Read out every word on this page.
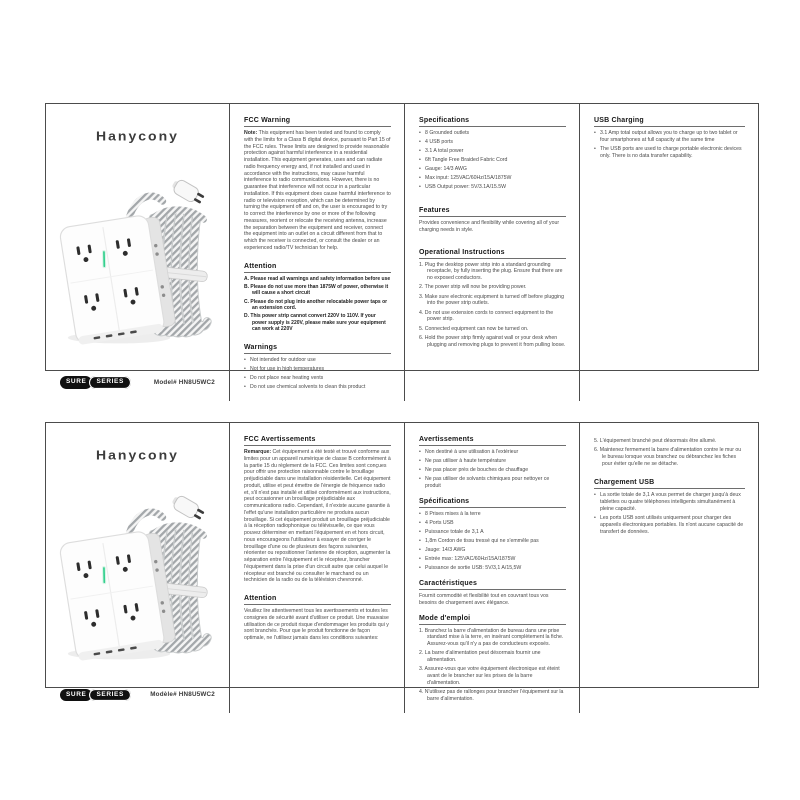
Hanycony
SURE	SERIES	Model# HN8U5WC2
FCC Warning

Note: This equipment has been tested and found to comply with the limits for a Class B digital device, pursuant to Part 15 of the FCC rules. These limits are designed to provide reasonable protection against harmful interference in a residential installation. This equipment generates, uses and can radiate radio frequency energy and, if not installed and used in accordance with the instructions, may cause harmful interference to radio communications. However, there is no guarantee that interference will not occur in a particular installation. If this equipment does cause harmful interference to radio or television reception, which can be determined by turning the equipment off and on, the user is encouraged to try to correct the interference by one or more of the following measures, reorient or relocate the receiving antenna, increase the separation between the equipment and receiver, connect the equipment into an outlet on a circuit different from that to which the receiver is connected, or consult the dealer or an experienced radio/TV technician for help.

Attention
A. Please read all warnings and safety information before use
B. Please do not use more than 1875W of power, otherwise it will cause a short circuit
C. Please do not plug into another relocatable power taps or an extension cord.
D. This power strip cannot convert 220V to 110V. If your power supply is 220V, please make sure your equipment can work at 220V
Warnings
• Not intended for outdoor use
• Not for use in high temperatures
• Do not place near heating vents
• Do not use chemical solvents to clean this product
Specifications
• 8 Grounded outlets
• 4 USB ports
• 3.1 A total power
• 6ft Tangle Free Braided Fabric Cord
• Gauge: 14/3 AWG
• Max input: 125VAC/60Hz/15A/1875W
• USB Output power: 5V/3.1A/15.5W
Features

Provides convenience and flexibility while covering all of your charging needs in style.

Operational Instructions
1. Plug the desktop power strip into a standard grounding receptacle, by fully inserting the plug. Ensure that there are no exposed conductors.
2. The power strip will now be providing power.
3. Make sure electronic equipment is turned off before plugging into the power strip outlets.
4. Do not use extension cords to connect equipment to the power strip.
5. Connected equipment can now be turned on.
6. Hold the power strip firmly against wall or your desk when plugging and removing plugs to prevent it from pulling loose.
USB Charging
• 3.1 Amp total output allows you to charge up to two tablet or four smartphones at full capacity at the same time
• The USB ports are used to charge portable electronic devices only. There is no data transfer capability.
Hanycony
SURE	SERIES	Modèle# HN8U5WC2
FCC Avertissements

Remarque: Cet équipement a été testé et trouvé conforme aux limites pour un appareil numérique de classe B conformément à la partie 15 du règlement de la FCC. Ces limites sont conçues pour offrir une protection raisonnable contre le brouillage préjudiciable dans une installation résidentielle. Cet équipement produit, utilise et peut émettre de l'énergie de fréquence radio et, s'il n'est pas installé et utilisé conformément aux instructions, peut occasionner un brouillage préjudiciable aux communications radio. Cependant, il n'existe aucune garantie à l'effet qu'une installation particulière ne produira aucun brouillage. Si cet équipement produit un brouillage préjudiciable à la réception radiophonique ou télévisuelle, ce que vous pouvez déterminer en mettant l'équipement en et hors circuit, nous encourageons l'utilisateur à essayer de corriger le brouillage d'une ou de plusieurs des façons suivantes, réorienter ou repositionner l'antenne de réception, augmenter la séparation entre l'équipement et le récepteur, brancher l'équipement dans la prise d'un circuit autre que celui auquel le récepteur est branché ou consulter le marchand ou un technicien de la radio ou de la télévision chevronné.

Attention

Veuillez lire attentivement tous les avertissements et toutes les consignes de sécurité avant d'utiliser ce produit. Une mauvaise utilisation de ce produit risque d'endommager les produits qui y sont branchés. Pour que le produit fonctionne de façon optimale, ne l'utilisez jamais dans les conditions suivantes:

Avertissements
• Non destiné à une utilisation à l'extérieur
• Ne pas utiliser à haute température
• Ne pas placer près de bouches de chauffage
• Ne pas utiliser de solvants chimiques pour nettoyer ce produit
Spécifications
• 8 Prises mises à la terre
• 4 Ports USB
• Puissance totale de 3,1 A
• 1,8m Cordon de tissu tressé qui ne s'emmêle pas
• Jauge: 14/3 AWG
• Entrée max: 125VAC/60Hz/15A/1875W
• Puissance de sortie USB: 5V/3,1 A/15,5W
Caractéristiques

Fournit commodité et flexibilité tout en couvrant tous vos besoins de chargement avec élégance.

Mode d'emploi
1. Branchez la barre d'alimentation de bureau dans une prise standard mise à la terre, en insérant complètement la fiche. Assurez-vous qu'il n'y a pas de conducteurs exposés.
2. La barre d'alimentation peut désormais fournir une alimentation.
3. Assurez-vous que votre équipement électronique est éteint avant de le brancher sur les prises de la barre d'alimentation.
4. N'utilisez pas de rallonges pour brancher l'équipement sur la barre d'alimentation.
5. L'équipement branché peut désormais être allumé.
6. Maintenez fermement la barre d'alimentation contre le mur ou le bureau lorsque vous branchez ou débranchez les fiches pour éviter qu'elle ne se détache.
Chargement USB
• La sortie totale de 3,1 A vous permet de charger jusqu'à deux tablettes ou quatre téléphones intelligents simultanément à pleine capacité.
• Les ports USB sont utilisés uniquement pour charger des appareils électroniques portables. Ils n'ont aucune capacité de transfert de données.
